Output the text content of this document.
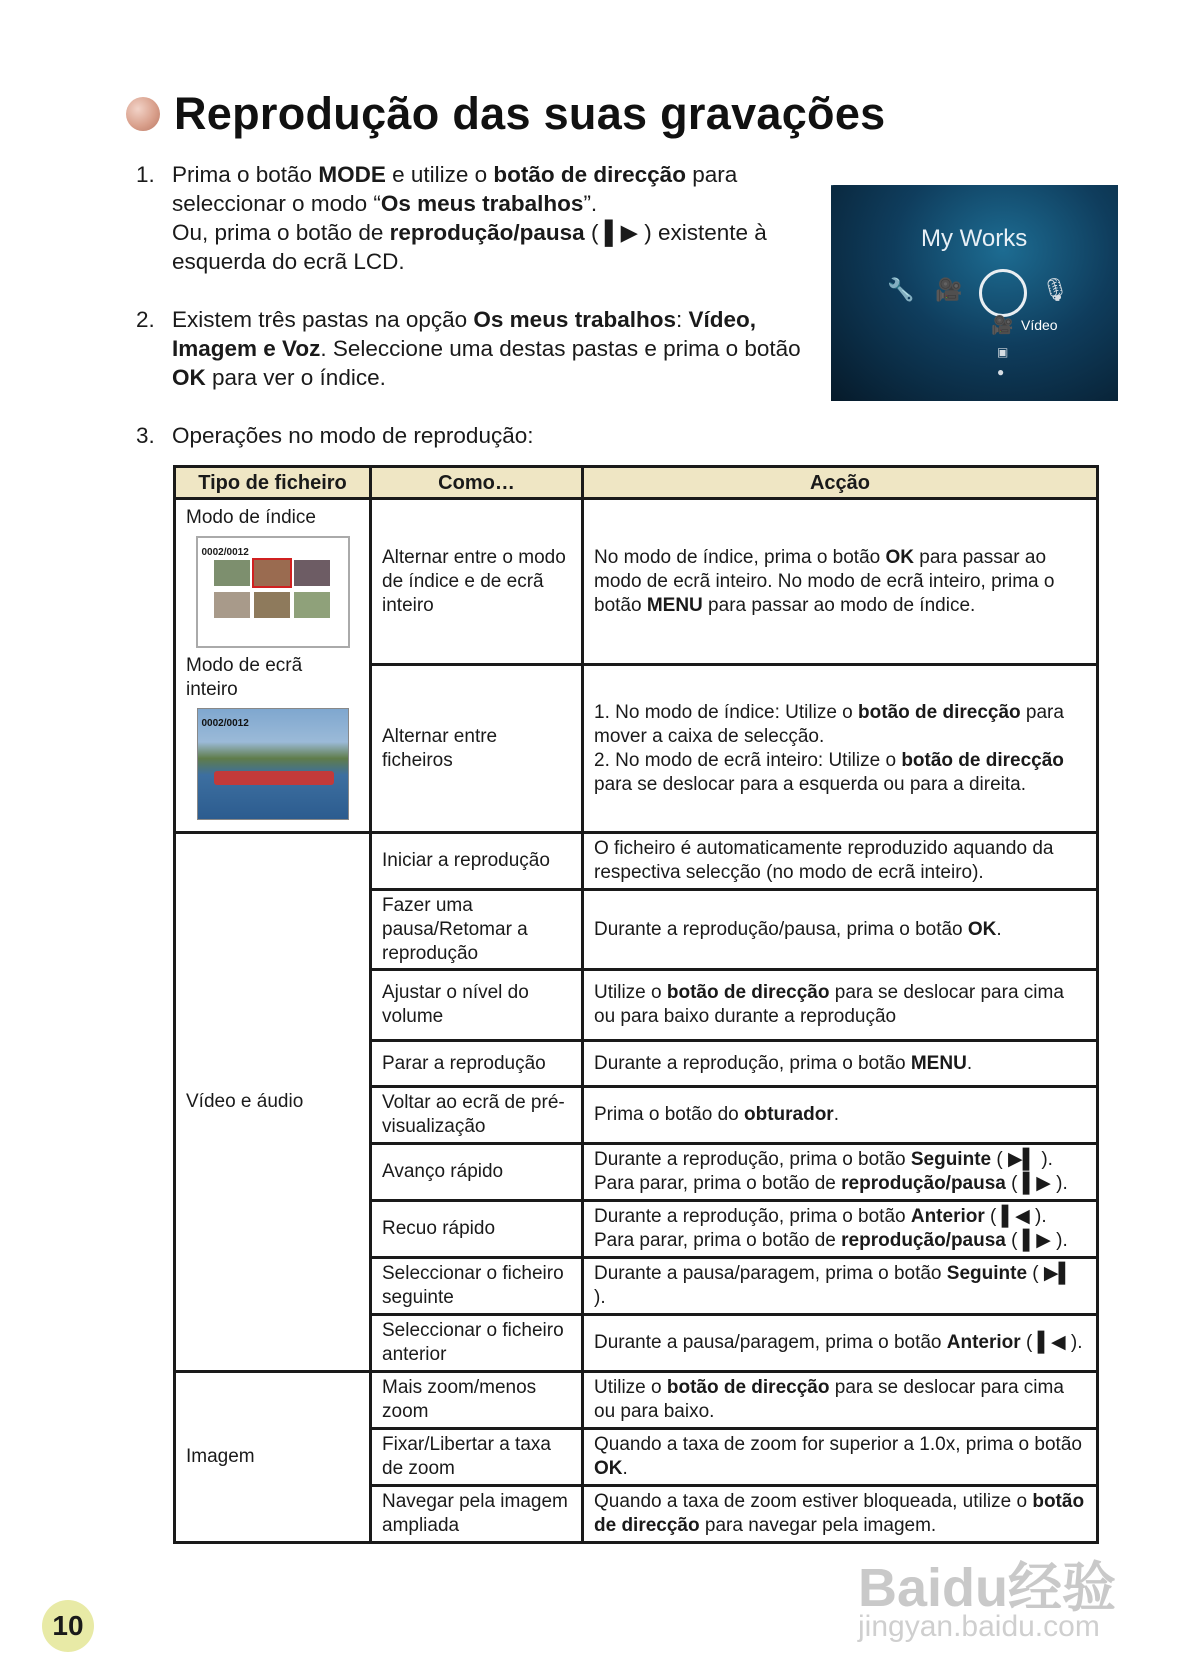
Reprodução das suas gravações
1. Prima o botão MODE e utilize o botão de direcção para seleccionar o modo “Os meus trabalhos”.
Ou, prima o botão de reprodução/pausa ( ▌▶ ) existente à esquerda do ecrã LCD.
2. Existem três pastas na opção Os meus trabalhos: Vídeo, Imagem e Voz. Seleccione uma destas pastas e prima o botão OK para ver o índice.
3. Operações no modo de reprodução:
My Works
🔧 🎥	🎙
🎥 Vídeo
▣
●
Tipo de ficheiro	Como…	Acção

Modo de índice
0002/0012
Modo de ecrã inteiro
0002/0012	Alternar entre o modo de índice e de ecrã inteiro	No modo de índice, prima o botão OK para passar ao modo de ecrã inteiro. No modo de ecrã inteiro, prima o botão MENU para passar ao modo de índice.
	Alternar entre ficheiros	1. No modo de índice: Utilize o botão de direcção para mover a caixa de selecção.
2. No modo de ecrã inteiro: Utilize o botão de direcção para se deslocar para a esquerda ou para a direita.
Vídeo e áudio	Iniciar a reprodução	O ficheiro é automaticamente reproduzido aquando da respectiva selecção (no modo de ecrã inteiro).
	Fazer uma pausa/Retomar a reprodução	Durante a reprodução/pausa, prima o botão OK.
	Ajustar o nível do volume	Utilize o botão de direcção para se deslocar para cima ou para baixo durante a reprodução
	Parar a reprodução	Durante a reprodução, prima o botão MENU.
	Voltar ao ecrã de pré-visualização	Prima o botão do obturador.
	Avanço rápido	Durante a reprodução, prima o botão Seguinte ( ▶▌ ).
Para parar, prima o botão de reprodução/pausa ( ▌▶ ).
	Recuo rápido	Durante a reprodução, prima o botão Anterior ( ▌◀ ).
Para parar, prima o botão de reprodução/pausa ( ▌▶ ).
	Seleccionar o ficheiro seguinte	Durante a pausa/paragem, prima o botão Seguinte ( ▶▌ ).
	Seleccionar o ficheiro anterior	Durante a pausa/paragem, prima o botão Anterior ( ▌◀ ).
Imagem	Mais zoom/menos zoom	Utilize o botão de direcção para se deslocar para cima ou para baixo.
	Fixar/Libertar a taxa de zoom	Quando a taxa de zoom for superior a 1.0x, prima o botão OK.
	Navegar pela imagem ampliada	Quando a taxa de zoom estiver bloqueada, utilize o botão de direcção para navegar pela imagem.
10
Baidu经验
jingyan.baidu.com
